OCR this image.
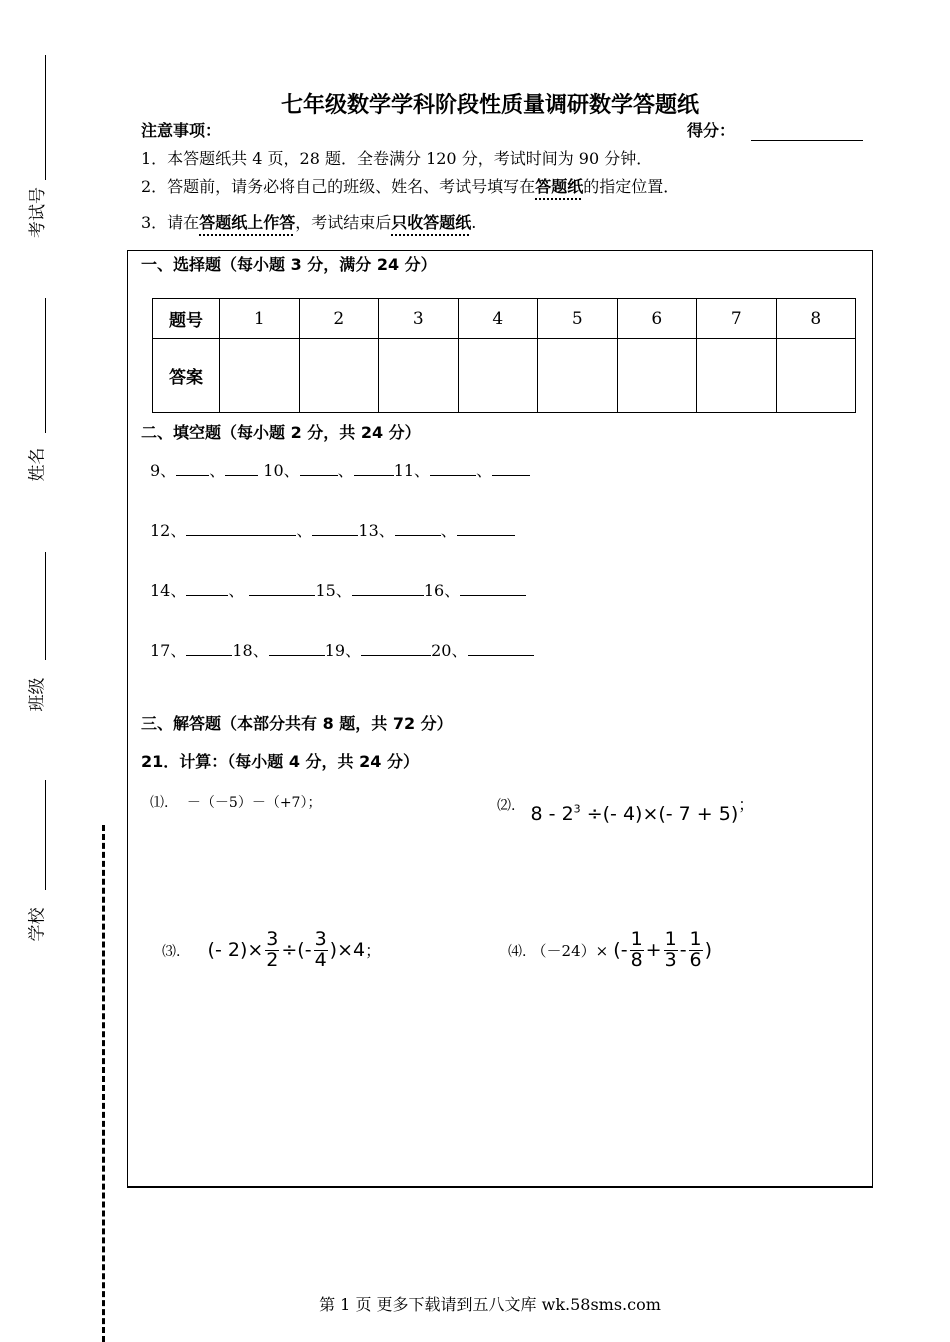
考试号
姓名
班级
学校
七年级数学学科阶段性质量调研数学答题纸
注意事项：	得分：
1．本答题纸共 4 页，28 题．全卷满分 120 分，考试时间为 90 分钟．
2．答题前，请务必将自己的班级、姓名、考试号填写在答题纸的指定位置．
3．请在答题纸上作答，考试结束后只收答题纸.
一、选择题（每小题 3 分，满分 24 分）
题号	1	2	3	4	5	6	7	8
答案								
二、填空题（每小题 2 分，共 24 分）
9、 、 10、 、	11、	、
12、	、	13、	、
14、	、	15、	16、
17、	18、	19、	20、
三、解答题（本部分共有 8 题，共 72 分）
21．计算：（每小题 4 分，共 24 分）
⑴. －（－5）－（+7）；	⑵. $8 - 2^3$ ÷(- 4)×(- 7 + 5)；
⑶. (- $2)\times \frac{3}{2}$ ÷(- $\frac{3}{4} )\times 4$；	⑷. （－24）× (- $\frac{1}{8} + \frac{1}{3} - \frac{1}{6}$ )
第 1 页 更多下载请到五八文库 wk.58sms.com
